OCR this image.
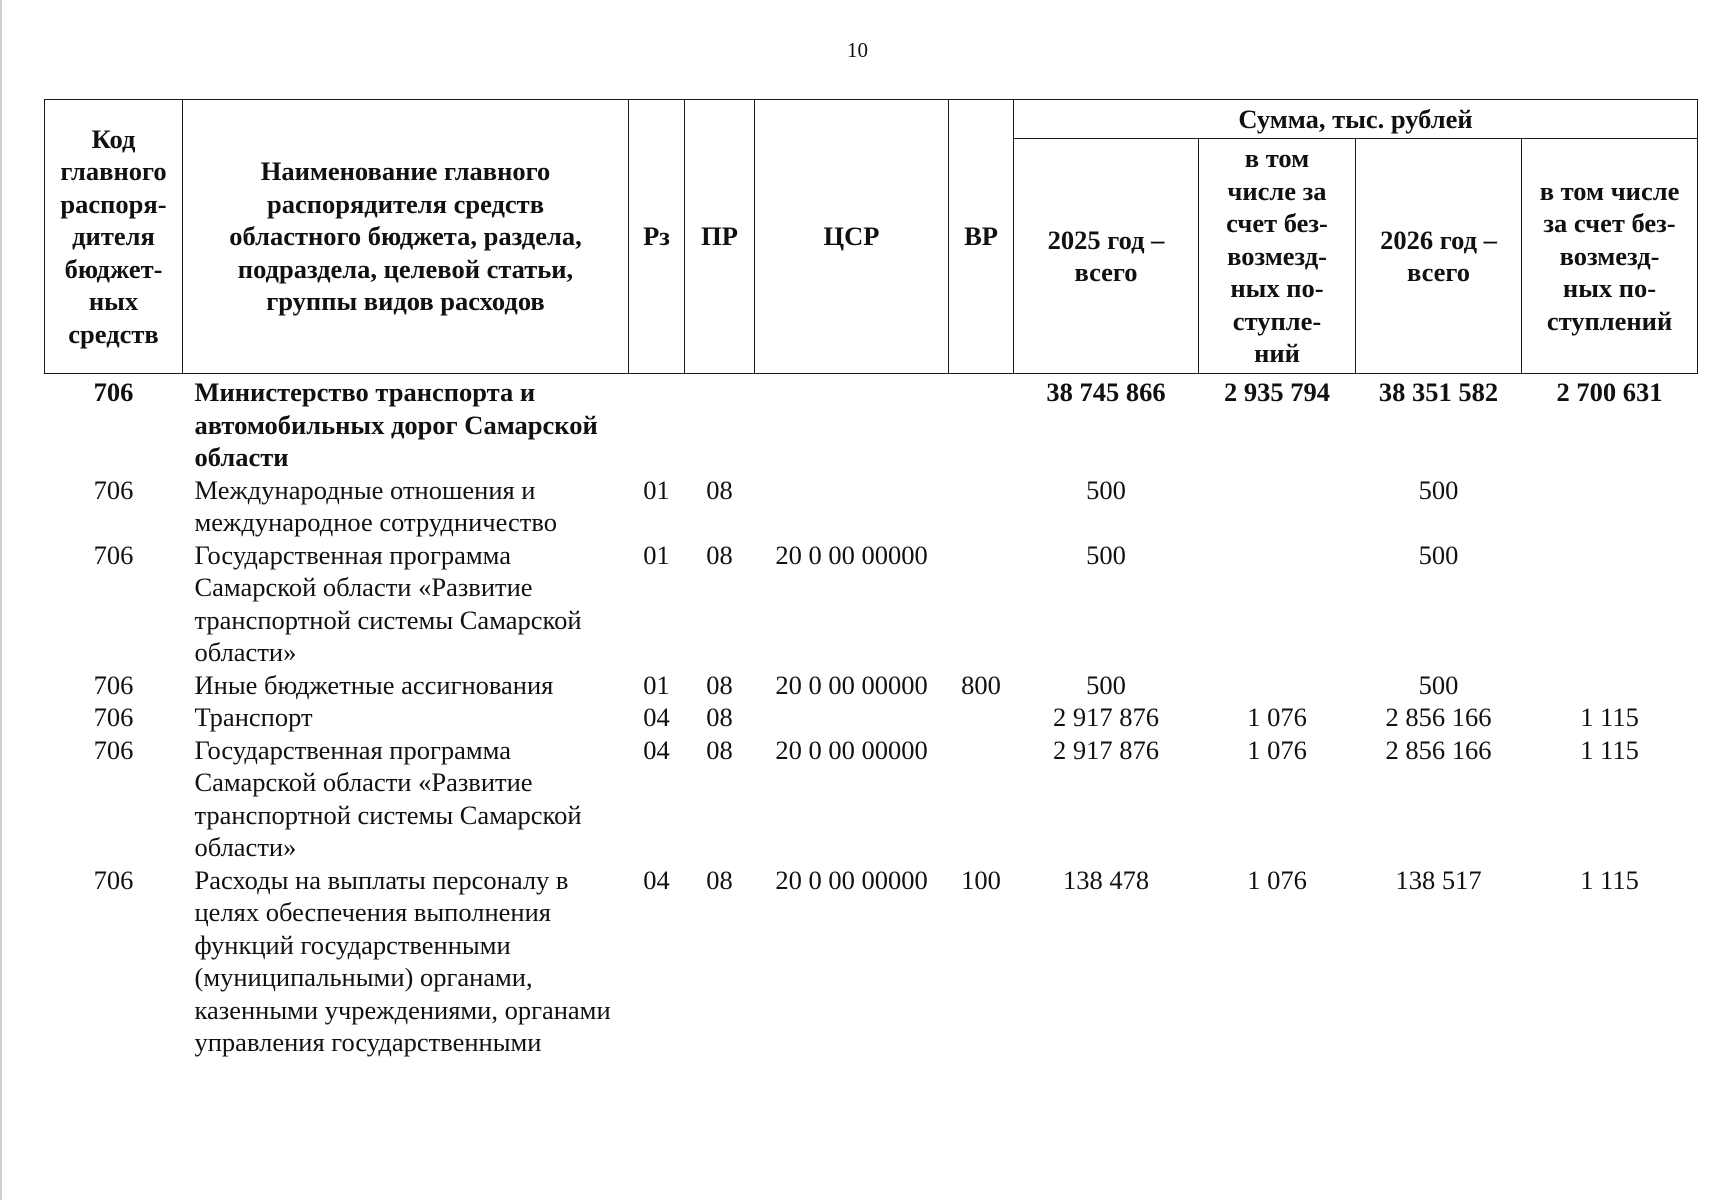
10
Код главного распоря-дителя бюджет-ных средств	Наименование главного распорядителя средств областного бюджета, раздела, подраздела, целевой статьи, группы видов расходов	Рз	ПР	ЦСР	ВР	Сумма, тыс. рублей			
						2025 год – всего	в том числе за счет без-возмезд-ных по-ступле-ний	2026 год – всего	в том числе за счет без-возмезд-ных по-ступлений
706	Министерство транспорта и автомобильных дорог Самарской области					38 745 866	2 935 794	38 351 582	2 700 631
706	Международные отношения и международное сотрудничество	01	08			500		500	
706	Государственная программа Самарской области «Развитие транспортной системы Самарской области»	01	08	20 0 00 00000		500		500	
706	Иные бюджетные ассигнования	01	08	20 0 00 00000	800	500		500	
706	Транспорт	04	08			2 917 876	1 076	2 856 166	1 115
706	Государственная программа Самарской области «Развитие транспортной системы Самарской области»	04	08	20 0 00 00000		2 917 876	1 076	2 856 166	1 115
706	Расходы на выплаты персоналу в целях обеспечения выполнения функций государственными (муниципальными) органами, казенными учреждениями, органами управления государственными	04	08	20 0 00 00000	100	138 478	1 076	138 517	1 115
